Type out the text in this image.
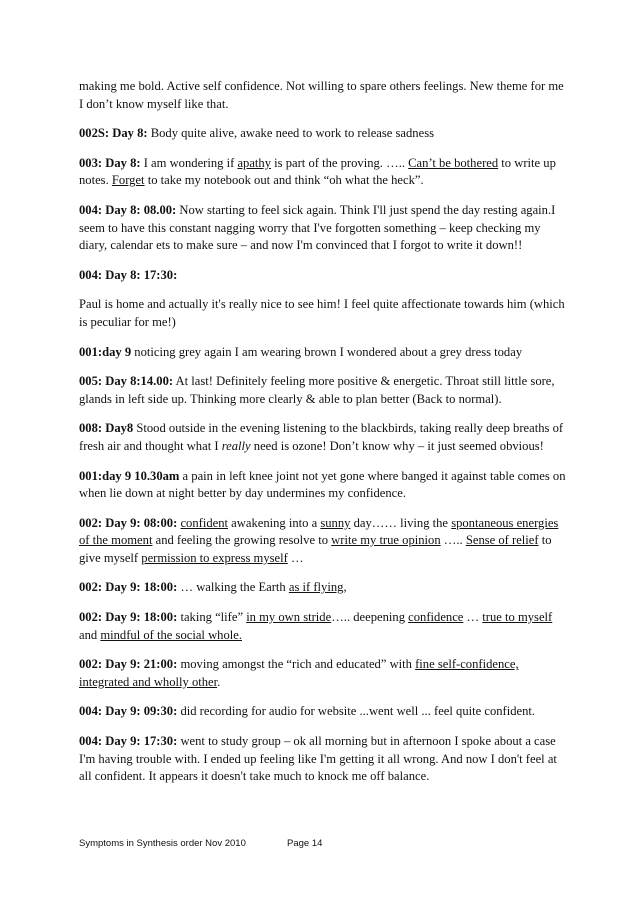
making me bold. Active self confidence. Not willing to spare others feelings. New theme for me I don’t know myself like that.

002S: Day 8: Body quite alive, awake need to work to release sadness

003: Day 8: I am wondering if apathy is part of the proving. ….. Can’t be bothered to write up notes. Forget to take my notebook out and think “oh what the heck”.

004: Day 8: 08.00: Now starting to feel sick again. Think I'll just spend the day resting again.I seem to have this constant nagging worry that I've forgotten something – keep checking my diary, calendar ets to make sure – and now I'm convinced that I forgot to write it down!!

004: Day 8: 17:30:

Paul is home and actually it's really nice to see him! I feel quite affectionate towards him (which is peculiar for me!)

001:day 9 noticing grey again I am wearing brown I wondered about a grey dress today

005: Day 8:14.00: At last! Definitely feeling more positive & energetic. Throat still little sore, glands in left side up. Thinking more clearly & able to plan better (Back to normal).

008: Day8 Stood outside in the evening listening to the blackbirds, taking really deep breaths of fresh air and thought what I really need is ozone! Don’t know why – it just seemed obvious!

001:day 9 10.30am a pain in left knee joint not yet gone where banged it against table comes on when lie down at night better by day undermines my confidence.

002: Day 9: 08:00: confident awakening into a sunny day…… living the spontaneous energies of the moment and feeling the growing resolve to write my true opinion ….. Sense of relief to give myself permission to express myself …

002: Day 9: 18:00: … walking the Earth as if flying,

002: Day 9: 18:00: taking “life” in my own stride….. deepening confidence … true to myself and mindful of the social whole.

002: Day 9: 21:00: moving amongst the “rich and educated” with fine self-confidence, integrated and wholly other.

004: Day 9: 09:30: did recording for audio for website ...went well ... feel quite confident.

004: Day 9: 17:30: went to study group – ok all morning but in afternoon I spoke about a case I'm having trouble with. I ended up feeling like I'm getting it all wrong. And now I don't feel at all confident. It appears it doesn't take much to knock me off balance.

Symptoms in Synthesis order Nov 2010	Page 14
